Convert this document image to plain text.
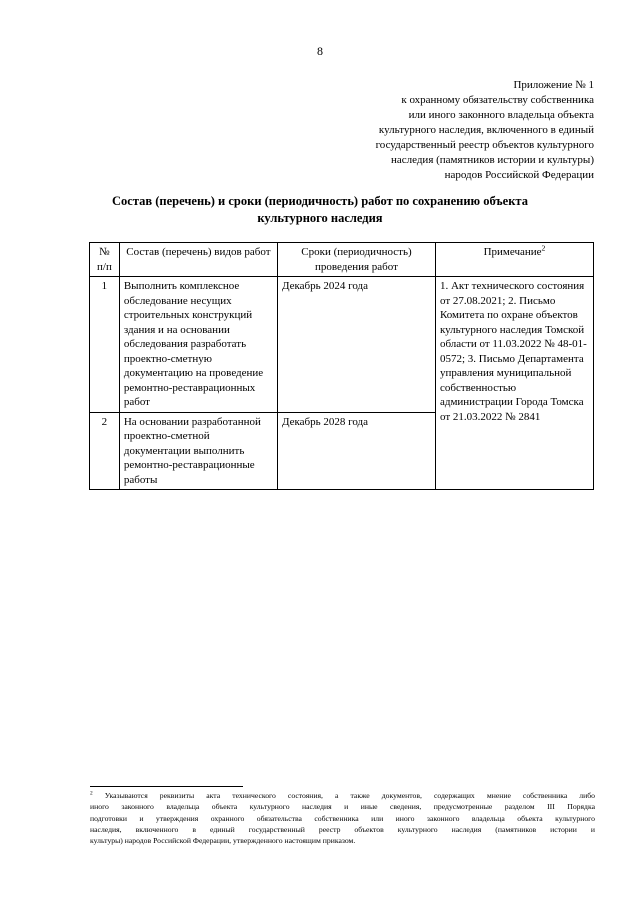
8
Приложение № 1
к охранному обязательству собственника
или иного законного владельца объекта
культурного наследия, включенного в единый
государственный реестр объектов культурного
наследия (памятников истории и культуры)
народов Российской Федерации
Состав (перечень) и сроки (периодичность) работ по сохранению объекта
культурного наследия
№ п/п	Состав (перечень) видов работ	Сроки (периодичность) проведения работ	Примечание$^2$
1	Выполнить комплексное обследование несущих строительных конструкций здания и на основании обследования разработать проектно-сметную документацию на проведение ремонтно-реставрационных работ	Декабрь 2024 года	1. Акт технического состояния от 27.08.2021; 2. Письмо Комитета по охране объектов культурного наследия Томской области от 11.03.2022 № 48-01-0572; 3. Письмо Департамента управления муниципальной собственностью администрации Города Томска от 21.03.2022 № 2841
2	На основании разработанной проектно-сметной документации выполнить ремонтно-реставрационные работы	Декабрь 2028 года	
$^2$ Указываются реквизиты акта технического состояния, а также документов, содержащих мнение собственника либо
иного законного владельца объекта культурного наследия и иные сведения, предусмотренные разделом III Порядка
подготовки и утверждения охранного обязательства собственника или иного законного владельца объекта культурного
наследия, включенного в единый государственный реестр объектов культурного наследия (памятников истории и
культуры) народов Российской Федерации, утвержденного настоящим приказом.
